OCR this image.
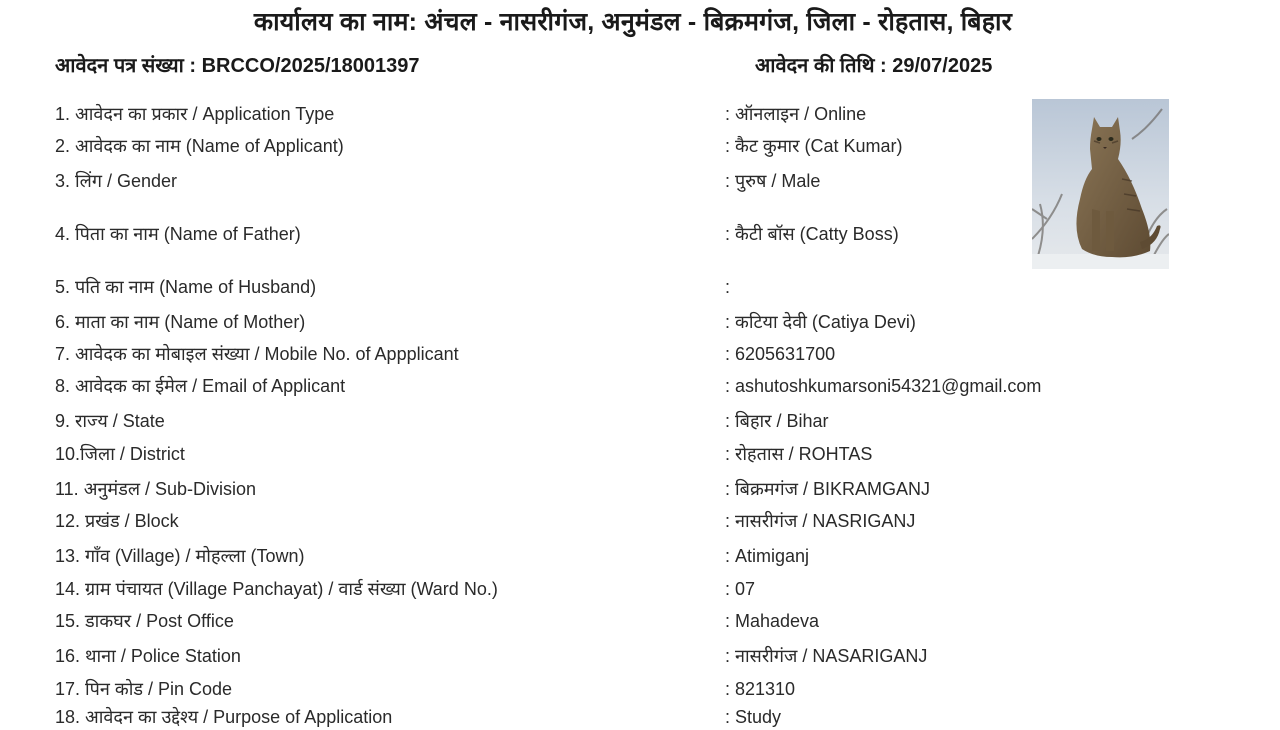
कार्यालय का नाम: अंचल - नासरीगंज, अनुमंडल - बिक्रमगंज, जिला - रोहतास, बिहार
आवेदन पत्र संख्या : BRCCO/2025/18001397	आवेदन की तिथि : 29/07/2025
1. आवेदन का प्रकार / Application Type	: ऑनलाइन / Online
2. आवेदक का नाम (Name of Applicant)	: कैट कुमार (Cat Kumar)
3. लिंग / Gender	: पुरुष / Male
4. पिता का नाम (Name of Father)	: कैटी बॉस (Catty Boss)
5. पति का नाम (Name of Husband)	:
6. माता का नाम (Name of Mother)	: कटिया देवी (Catiya Devi)
7. आवेदक का मोबाइल संख्या / Mobile No. of Appplicant	: 6205631700
8. आवेदक का ईमेल / Email of Applicant	: ashutoshkumarsoni54321@gmail.com
9. राज्य / State	: बिहार / Bihar
10.जिला / District	: रोहतास / ROHTAS
11. अनुमंडल / Sub-Division	: बिक्रमगंज / BIKRAMGANJ
12. प्रखंड / Block	: नासरीगंज / NASRIGANJ
13. गाँव (Village) / मोहल्ला (Town)	: Atimiganj
14. ग्राम पंचायत (Village Panchayat) / वार्ड संख्या (Ward No.)	: 07
15. डाकघर / Post Office	: Mahadeva
16. थाना / Police Station	: नासरीगंज / NASARIGANJ
17. पिन कोड / Pin Code	: 821310
18. आवेदन का उद्देश्य / Purpose of Application	: Study
